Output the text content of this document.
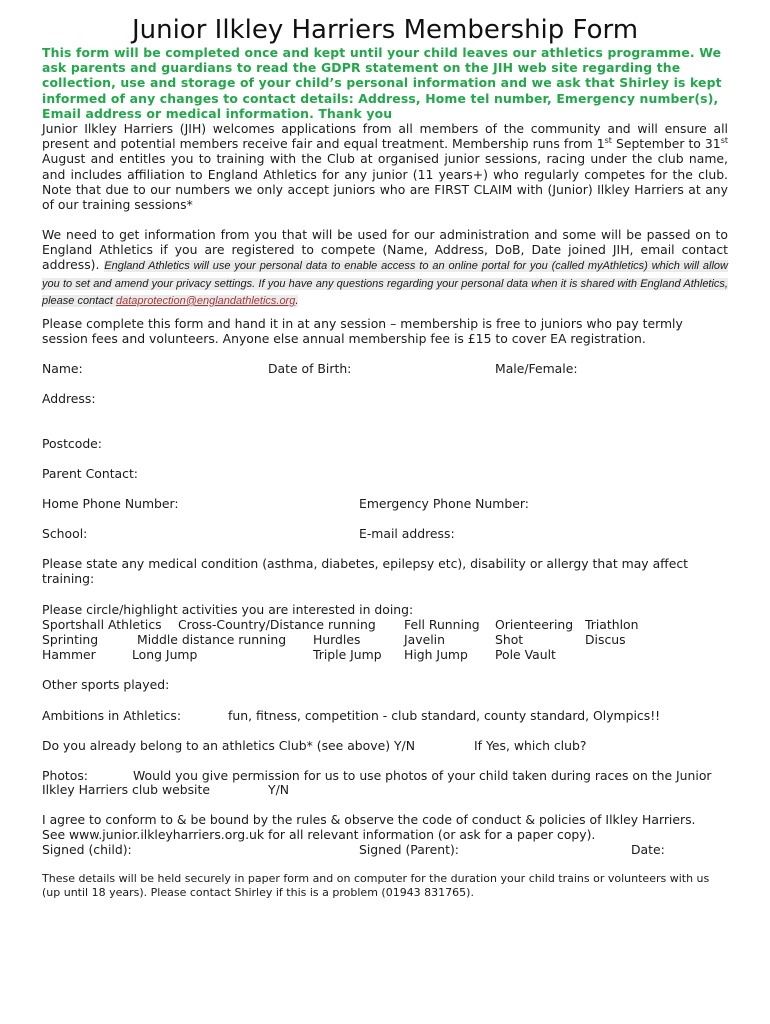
Junior Ilkley Harriers Membership Form
This form will be completed once and kept until your child leaves our athletics programme. We ask parents and guardians to read the GDPR statement on the JIH web site regarding the collection, use and storage of your child’s personal information and we ask that Shirley is kept informed of any changes to contact details: Address, Home tel number, Emergency number(s), Email address or medical information. Thank you
Junior Ilkley Harriers (JIH) welcomes applications from all members of the community and will ensure all present and potential members receive fair and equal treatment. Membership runs from 1st September to 31st August and entitles you to training with the Club at organised junior sessions, racing under the club name, and includes affiliation to England Athletics for any junior (11 years+) who regularly competes for the club. Note that due to our numbers we only accept juniors who are FIRST CLAIM with (Junior) Ilkley Harriers at any of our training sessions*
We need to get information from you that will be used for our administration and some will be passed on to England Athletics if you are registered to compete (Name, Address, DoB, Date joined JIH, email contact address). England Athletics will use your personal data to enable access to an online portal for you (called myAthletics) which will allow you to set and amend your privacy settings. If you have any questions regarding your personal data when it is shared with England Athletics, please contact dataprotection@englandathletics.org.
Please complete this form and hand it in at any session – membership is free to juniors who pay termly session fees and volunteers. Anyone else annual membership fee is £15 to cover EA registration.
Name:	Date of Birth:	Male/Female:
Address:
Postcode:
Parent Contact:
Home Phone Number:	Emergency Phone Number:
School:	E-mail address:
Please state any medical condition (asthma, diabetes, epilepsy etc), disability or allergy that may affect training:
Please circle/highlight activities you are interested in doing:
Sportshall Athletics Cross-Country/Distance running Fell Running Orienteering Triathlon
Sprinting	Middle distance running Hurdles	Javelin	Shot	Discus
Hammer	Long Jump	Triple Jump High Jump Pole Vault
Other sports played:
Ambitions in Athletics:	fun, fitness, competition - club standard, county standard, Olympics!!
Do you already belong to an athletics Club* (see above) Y/N	If Yes, which club?
Photos:	Would you give permission for us to use photos of your child taken during races on the Junior
Ilkley Harriers club website	Y/N
I agree to conform to & be bound by the rules & observe the code of conduct & policies of Ilkley Harriers.
See www.junior.ilkleyharriers.org.uk for all relevant information (or ask for a paper copy).
Signed (child):	Signed (Parent):	Date:
These details will be held securely in paper form and on computer for the duration your child trains or volunteers with us (up until 18 years). Please contact Shirley if this is a problem (01943 831765).
